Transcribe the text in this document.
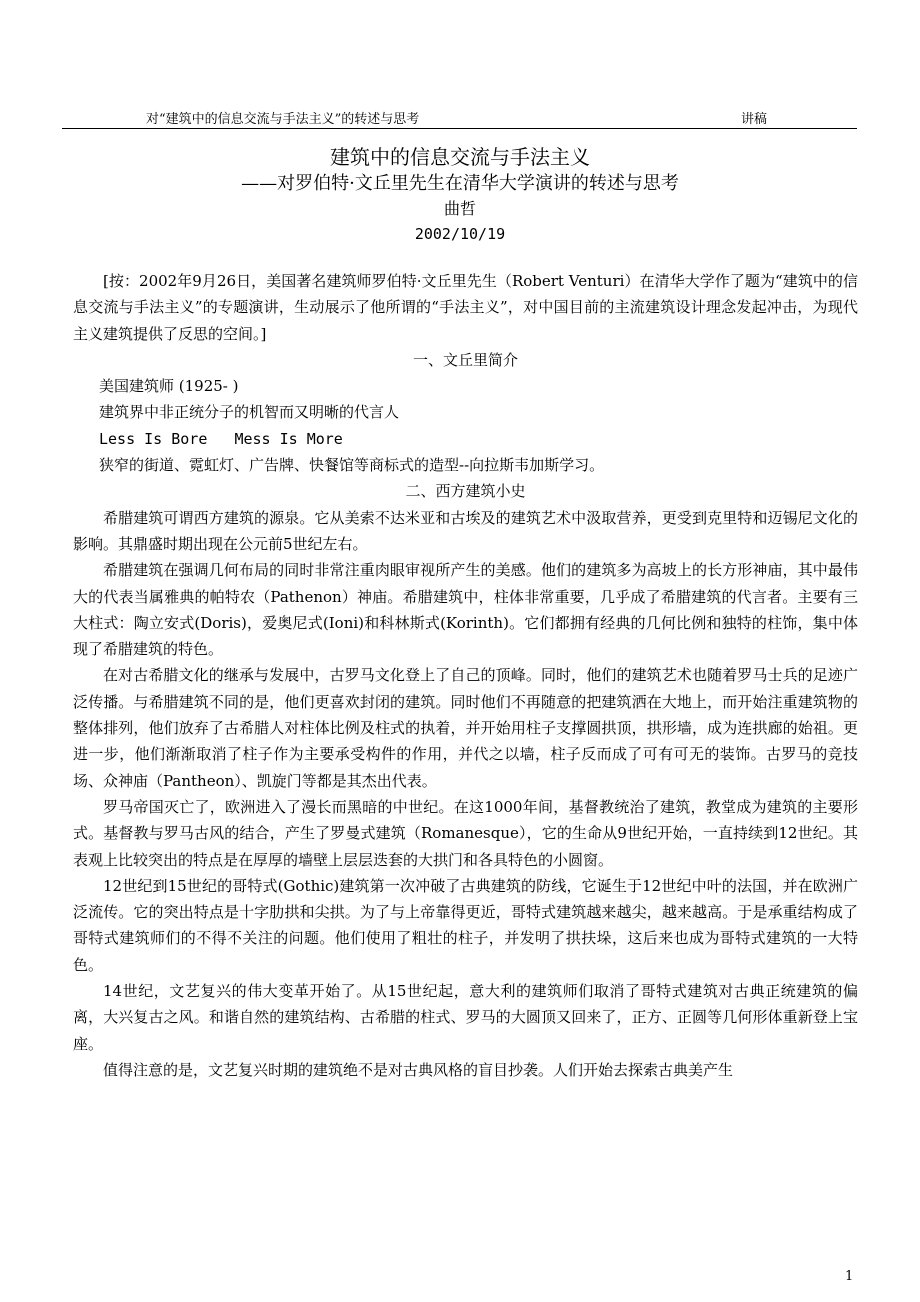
对“建筑中的信息交流与手法主义”的转述与思考	讲稿
建筑中的信息交流与手法主义
——对罗伯特·文丘里先生在清华大学演讲的转述与思考
曲哲
2002/10/19

[按：2002年9月26日，美国著名建筑师罗伯特·文丘里先生（Robert Venturi）在清华大学作了题为“建筑中的信息交流与手法主义”的专题演讲，生动展示了他所谓的“手法主义”，对中国目前的主流建筑设计理念发起冲击，为现代主义建筑提供了反思的空间。]

一、文丘里简介

美国建筑师 (1925- )

建筑界中非正统分子的机智而又明晰的代言人

Less Is Bore   Mess Is More

狭窄的街道、霓虹灯、广告牌、快餐馆等商标式的造型--向拉斯韦加斯学习。

二、西方建筑小史

希腊建筑可谓西方建筑的源泉。它从美索不达米亚和古埃及的建筑艺术中汲取营养，更受到克里特和迈锡尼文化的影响。其鼎盛时期出现在公元前5世纪左右。

希腊建筑在强调几何布局的同时非常注重肉眼审视所产生的美感。他们的建筑多为高坡上的长方形神庙，其中最伟大的代表当属雅典的帕特农（Pathenon）神庙。希腊建筑中，柱体非常重要，几乎成了希腊建筑的代言者。主要有三大柱式：陶立安式(Doris)，爱奥尼式(Ioni)和科林斯式(Korinth)。它们都拥有经典的几何比例和独特的柱饰，集中体现了希腊建筑的特色。

在对古希腊文化的继承与发展中，古罗马文化登上了自己的顶峰。同时，他们的建筑艺术也随着罗马士兵的足迹广泛传播。与希腊建筑不同的是，他们更喜欢封闭的建筑。同时他们不再随意的把建筑洒在大地上，而开始注重建筑物的整体排列，他们放弃了古希腊人对柱体比例及柱式的执着，并开始用柱子支撑圆拱顶，拱形墙，成为连拱廊的始祖。更进一步，他们渐渐取消了柱子作为主要承受构件的作用，并代之以墙，柱子反而成了可有可无的装饰。古罗马的竞技场、众神庙（Pantheon）、凯旋门等都是其杰出代表。

罗马帝国灭亡了，欧洲进入了漫长而黑暗的中世纪。在这1000年间，基督教统治了建筑，教堂成为建筑的主要形式。基督教与罗马古风的结合，产生了罗曼式建筑（Romanesque），它的生命从9世纪开始，一直持续到12世纪。其表观上比较突出的特点是在厚厚的墙壁上层层迭套的大拱门和各具特色的小圆窗。

12世纪到15世纪的哥特式(Gothic)建筑第一次冲破了古典建筑的防线，它诞生于12世纪中叶的法国，并在欧洲广泛流传。它的突出特点是十字肋拱和尖拱。为了与上帝靠得更近，哥特式建筑越来越尖，越来越高。于是承重结构成了哥特式建筑师们的不得不关注的问题。他们使用了粗壮的柱子，并发明了拱扶垛，这后来也成为哥特式建筑的一大特色。

14世纪，文艺复兴的伟大变革开始了。从15世纪起，意大利的建筑师们取消了哥特式建筑对古典正统建筑的偏离，大兴复古之风。和谐自然的建筑结构、古希腊的柱式、罗马的大圆顶又回来了，正方、正圆等几何形体重新登上宝座。

值得注意的是，文艺复兴时期的建筑绝不是对古典风格的盲目抄袭。人们开始去探索古典美产生

1
